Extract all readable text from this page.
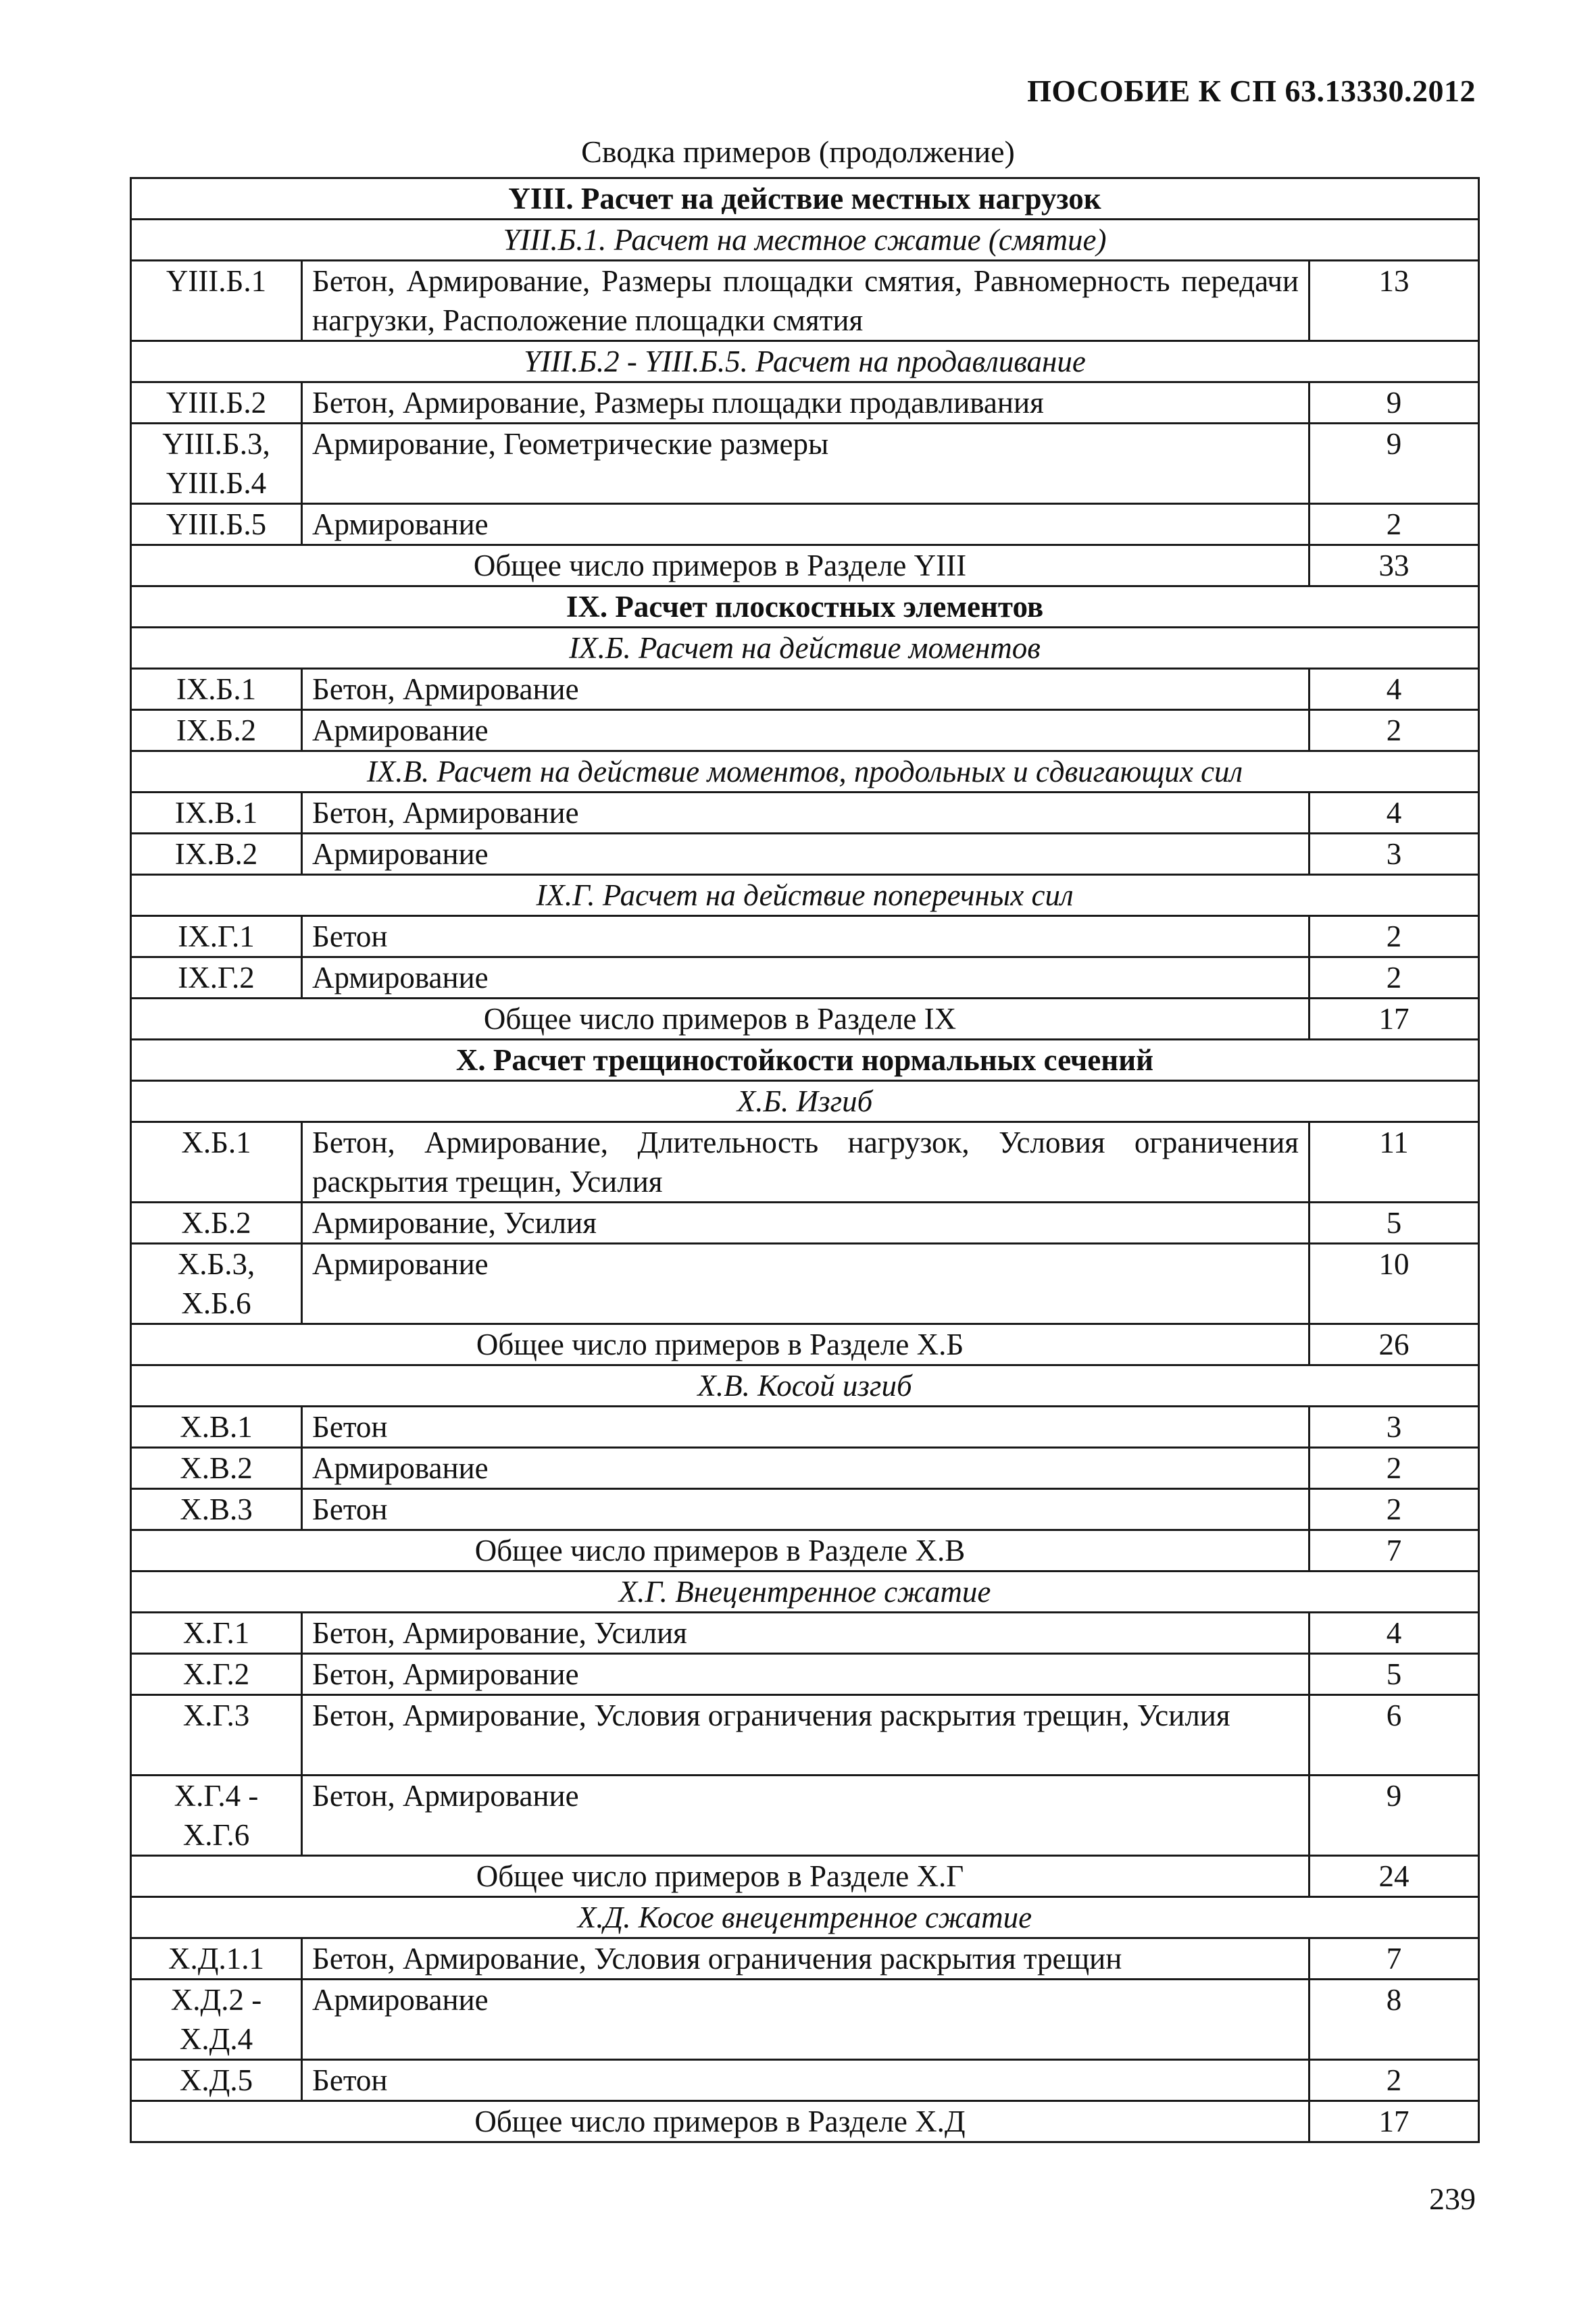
ПОСОБИЕ К СП 63.13330.2012
Сводка примеров (продолжение)
YIII. Расчет на действие местных нагрузок		
YIII.Б.1. Расчет на местное сжатие (смятие)		
YIII.Б.1	Бетон, Армирование, Размеры площадки смятия, Равномерность передачи нагрузки, Расположение площадки смятия	13
YIII.Б.2 - YIII.Б.5. Расчет на продавливание		
YIII.Б.2	Бетон, Армирование, Размеры площадки продавливания	9
YIII.Б.3, YIII.Б.4	Армирование, Геометрические размеры	9
YIII.Б.5	Армирование	2
Общее число примеров в Разделе YIII		33
IX. Расчет плоскостных элементов		
IX.Б. Расчет на действие моментов		
IX.Б.1	Бетон, Армирование	4
IX.Б.2	Армирование	2
IX.В. Расчет на действие моментов, продольных и сдвигающих сил		
IX.В.1	Бетон, Армирование	4
IX.В.2	Армирование	3
IX.Г. Расчет на действие поперечных сил		
IX.Г.1	Бетон	2
IX.Г.2	Армирование	2
Общее число примеров в Разделе IX		17
X. Расчет трещиностойкости нормальных сечений		
X.Б. Изгиб		
X.Б.1	Бетон, Армирование, Длительность нагрузок, Условия ограничения раскрытия трещин, Усилия	11
X.Б.2	Армирование, Усилия	5
X.Б.3, X.Б.6	Армирование	10
Общее число примеров в Разделе X.Б		26
X.В. Косой изгиб		
X.В.1	Бетон	3
X.В.2	Армирование	2
X.В.3	Бетон	2
Общее число примеров в Разделе X.В		7
X.Г. Внецентренное сжатие		
X.Г.1	Бетон, Армирование, Усилия	4
X.Г.2	Бетон, Армирование	5
X.Г.3	Бетон, Армирование, Условия ограничения раскрытия трещин, Усилия	6
X.Г.4 - X.Г.6	Бетон, Армирование	9
Общее число примеров в Разделе X.Г		24
X.Д. Косое внецентренное сжатие		
X.Д.1.1	Бетон, Армирование, Условия ограничения раскрытия трещин	7
X.Д.2 - X.Д.4	Армирование	8
X.Д.5	Бетон	2
Общее число примеров в Разделе X.Д		17
239
